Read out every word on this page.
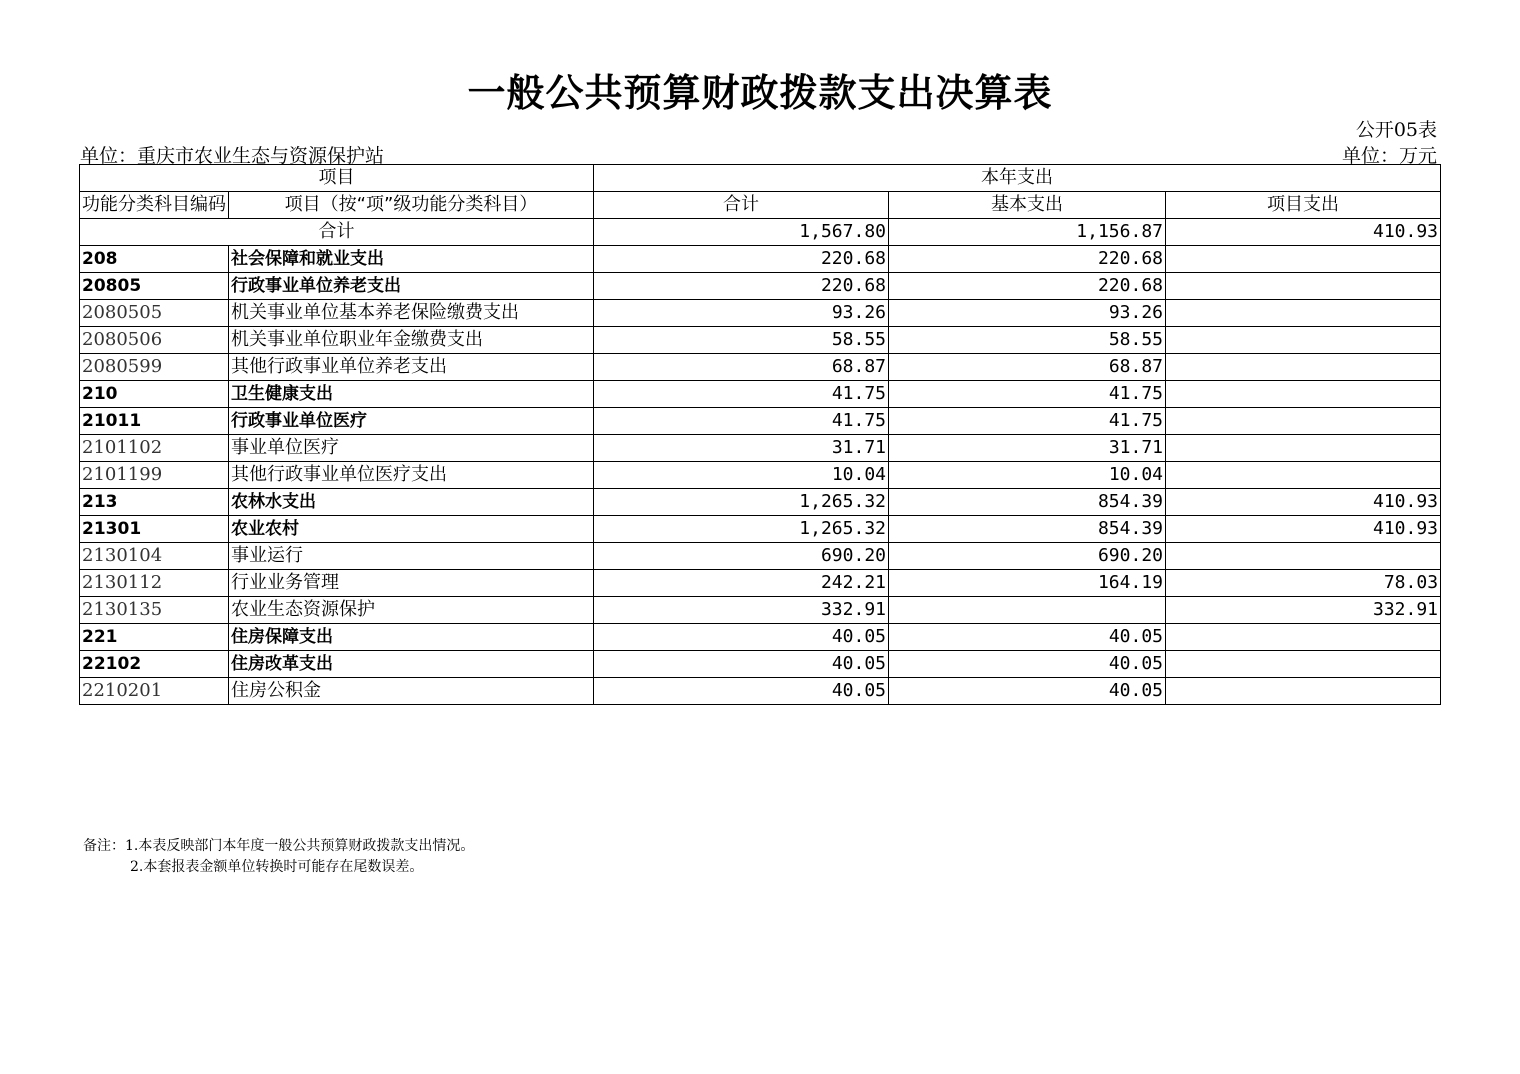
一般公共预算财政拨款支出决算表
公开05表
单位：重庆市农业生态与资源保护站	单位：万元
项目		本年支出		
功能分类科目编码	项目（按“项”级功能分类科目）	合计	基本支出	项目支出
合计		1,567.80	1,156.87	410.93
208	社会保障和就业支出	220.68	220.68	
20805	行政事业单位养老支出	220.68	220.68	
2080505	机关事业单位基本养老保险缴费支出	93.26	93.26	
2080506	机关事业单位职业年金缴费支出	58.55	58.55	
2080599	其他行政事业单位养老支出	68.87	68.87	
210	卫生健康支出	41.75	41.75	
21011	行政事业单位医疗	41.75	41.75	
2101102	事业单位医疗	31.71	31.71	
2101199	其他行政事业单位医疗支出	10.04	10.04	
213	农林水支出	1,265.32	854.39	410.93
21301	农业农村	1,265.32	854.39	410.93
2130104	事业运行	690.20	690.20	
2130112	行业业务管理	242.21	164.19	78.03
2130135	农业生态资源保护	332.91		332.91
221	住房保障支出	40.05	40.05	
22102	住房改革支出	40.05	40.05	
2210201	住房公积金	40.05	40.05	
备注：1.本表反映部门本年度一般公共预算财政拨款支出情况。
2.本套报表金额单位转换时可能存在尾数误差。
